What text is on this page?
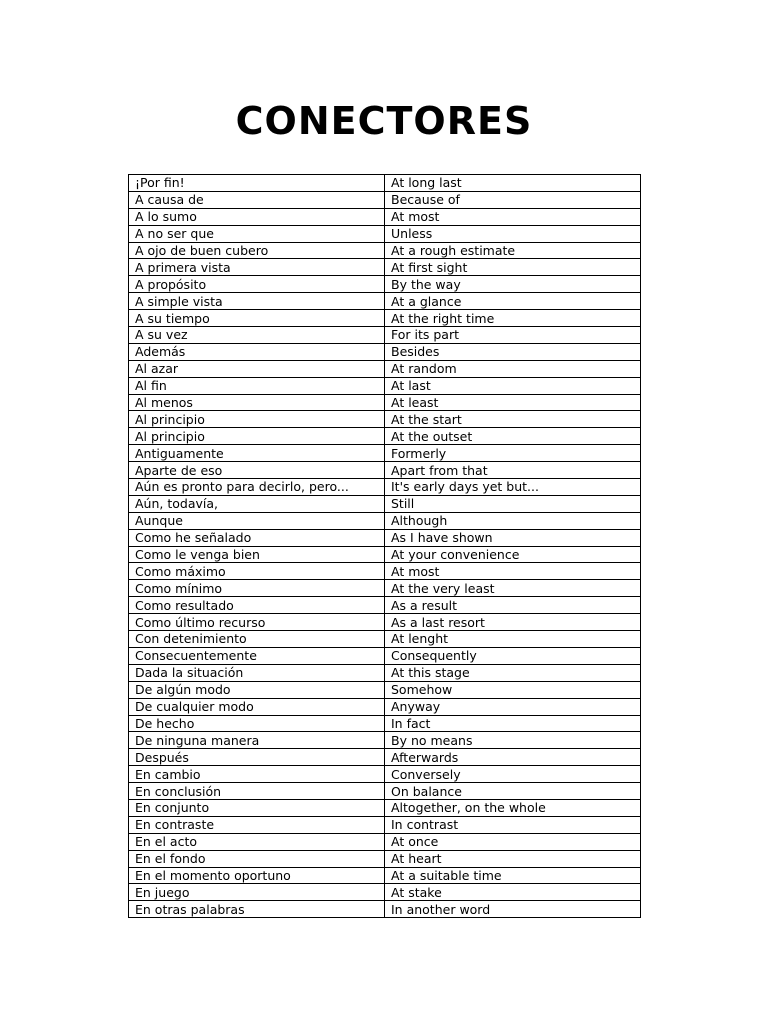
CONECTORES
¡Por fin!	At long last
A causa de	Because of
A lo sumo	At most
A no ser que	Unless
A ojo de buen cubero	At a rough estimate
A primera vista	At first sight
A propósito	By the way
A simple vista	At a glance
A su tiempo	At the right time
A su vez	For its part
Además	Besides
Al azar	At random
Al fin	At last
Al menos	At least
Al principio	At the start
Al principio	At the outset
Antiguamente	Formerly
Aparte de eso	Apart from that
Aún es pronto para decirlo, pero...	It's early days yet but...
Aún, todavía,	Still
Aunque	Although
Como he señalado	As I have shown
Como le venga bien	At your convenience
Como máximo	At most
Como mínimo	At the very least
Como resultado	As a result
Como último recurso	As a last resort
Con detenimiento	At lenght
Consecuentemente	Consequently
Dada la situación	At this stage
De algún modo	Somehow
De cualquier modo	Anyway
De hecho	In fact
De ninguna manera	By no means
Después	Afterwards
En cambio	Conversely
En conclusión	On balance
En conjunto	Altogether, on the whole
En contraste	In contrast
En el acto	At once
En el fondo	At heart
En el momento oportuno	At a suitable time
En juego	At stake
En otras palabras	In another word
